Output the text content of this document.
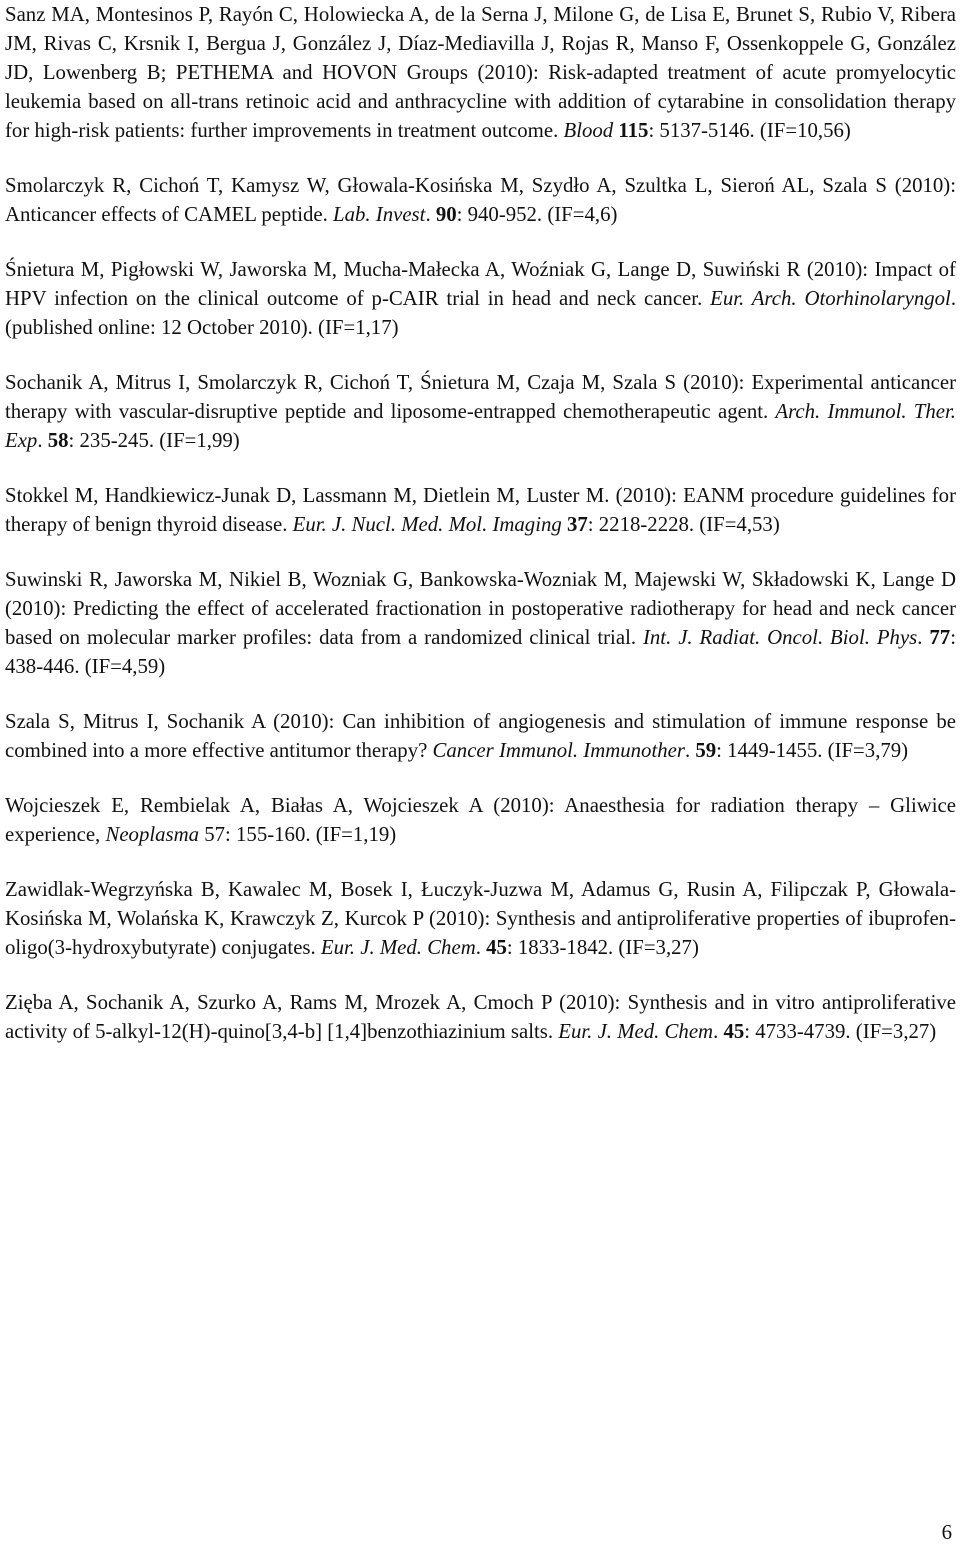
Sanz MA, Montesinos P, Rayón C, Holowiecka A, de la Serna J, Milone G, de Lisa E, Brunet S, Rubio V, Ribera JM, Rivas C, Krsnik I, Bergua J, González J, Díaz-Mediavilla J, Rojas R, Manso F, Ossenkoppele G, González JD, Lowenberg B; PETHEMA and HOVON Groups (2010): Risk-adapted treatment of acute promyelocytic leukemia based on all-trans retinoic acid and anthracycline with addition of cytarabine in consolidation therapy for high-risk patients: further improvements in treatment outcome. Blood 115: 5137-5146. (IF=10,56)

Smolarczyk R, Cichoń T, Kamysz W, Głowala-Kosińska M, Szydło A, Szultka L, Sieroń AL, Szala S (2010): Anticancer effects of CAMEL peptide. Lab. Invest. 90: 940-952. (IF=4,6)

Śnietura M, Pigłowski W, Jaworska M, Mucha-Małecka A, Woźniak G, Lange D, Suwiński R (2010): Impact of HPV infection on the clinical outcome of p-CAIR trial in head and neck cancer. Eur. Arch. Otorhinolaryngol. (published online: 12 October 2010). (IF=1,17)

Sochanik A, Mitrus I, Smolarczyk R, Cichoń T, Śnietura M, Czaja M, Szala S (2010): Experimental anticancer therapy with vascular-disruptive peptide and liposome-entrapped chemotherapeutic agent. Arch. Immunol. Ther. Exp. 58: 235-245. (IF=1,99)

Stokkel M, Handkiewicz-Junak D, Lassmann M, Dietlein M, Luster M. (2010): EANM procedure guidelines for therapy of benign thyroid disease. Eur. J. Nucl. Med. Mol. Imaging 37: 2218-2228. (IF=4,53)

Suwinski R, Jaworska M, Nikiel B, Wozniak G, Bankowska-Wozniak M, Majewski W, Składowski K, Lange D (2010): Predicting the effect of accelerated fractionation in postoperative radiotherapy for head and neck cancer based on molecular marker profiles: data from a randomized clinical trial. Int. J. Radiat. Oncol. Biol. Phys. 77: 438-446. (IF=4,59)

Szala S, Mitrus I, Sochanik A (2010): Can inhibition of angiogenesis and stimulation of immune response be combined into a more effective antitumor therapy? Cancer Immunol. Immunother. 59: 1449-1455. (IF=3,79)

Wojcieszek E, Rembielak A, Białas A, Wojcieszek A (2010): Anaesthesia for radiation therapy – Gliwice experience, Neoplasma 57: 155-160. (IF=1,19)

Zawidlak-Wegrzyńska B, Kawalec M, Bosek I, Łuczyk-Juzwa M, Adamus G, Rusin A, Filipczak P, Głowala-Kosińska M, Wolańska K, Krawczyk Z, Kurcok P (2010): Synthesis and antiproliferative properties of ibuprofen-oligo(3-hydroxybutyrate) conjugates. Eur. J. Med. Chem. 45: 1833-1842. (IF=3,27)

Zięba A, Sochanik A, Szurko A, Rams M, Mrozek A, Cmoch P (2010): Synthesis and in vitro antiproliferative activity of 5-alkyl-12(H)-quino[3,4-b] [1,4]benzothiazinium salts. Eur. J. Med. Chem. 45: 4733-4739. (IF=3,27)

6
